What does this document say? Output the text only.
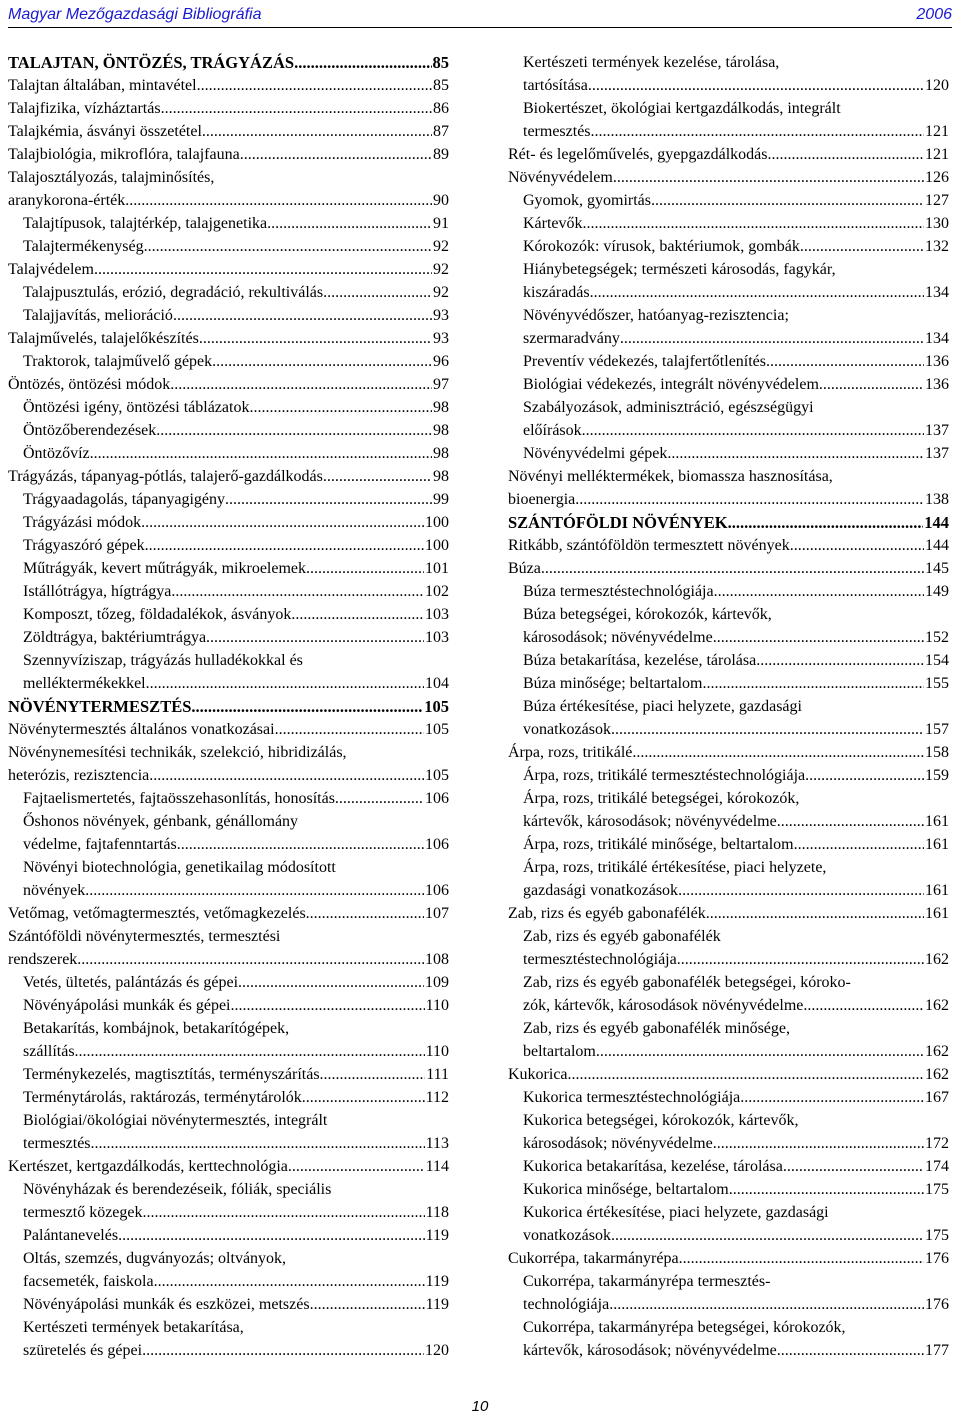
Magyar Mezőgazdasági Bibliográfia	2006
TALAJTAN, ÖNTÖZÉS, TRÁGYÁZÁS .....	85
Talajtan általában, mintavétel .....	85
Talajfizika, vízháztartás .....	86
Talajkémia, ásványi összetétel .....	87
Talajbiológia, mikroflóra, talajfauna .....	89
Talajosztályozás, talajminősítés,
aranykorona-érték .....	90
Talajtípusok, talajtérkép, talajgenetika .....	91
Talajtermékenység .....	92
Talajvédelem .....	92
Talajpusztulás, erózió, degradáció, rekultiválás .....	92
Talajjavítás, melioráció .....	93
Talajművelés, talajelőkészítés .....	93
Traktorok, talajművelő gépek .....	96
Öntözés, öntözési módok .....	97
Öntözési igény, öntözési táblázatok .....	98
Öntözőberendezések .....	98
Öntözővíz .....	98
Trágyázás, tápanyag-pótlás, talajerő-gazdálkodás .....	98
Trágyaadagolás, tápanyagigény .....	99
Trágyázási módok .....	100
Trágyaszóró gépek .....	100
Műtrágyák, kevert műtrágyák, mikroelemek .....	101
Istállótrágya, hígtrágya .....	102
Komposzt, tőzeg, földadalékok, ásványok .....	103
Zöldtrágya, baktériumtrágya .....	103
Szennyvíziszap, trágyázás hulladékokkal és
melléktermékekkel .....	104
NÖVÉNYTERMESZTÉS .....	105
Növénytermesztés általános vonatkozásai .....	105
Növénynemesítési technikák, szelekció, hibridizálás,
heterózis, rezisztencia .....	105
Fajtaelismertetés, fajtaösszehasonlítás, honosítás .....	106
Őshonos növények, génbank, génállomány
védelme, fajtafenntartás .....	106
Növényi biotechnológia, genetikailag módosított
növények .....	106
Vetőmag, vetőmagtermesztés, vetőmagkezelés .....	107
Szántóföldi növénytermesztés, termesztési
rendszerek .....	108
Vetés, ültetés, palántázás és gépei .....	109
Növényápolási munkák és gépei .....	110
Betakarítás, kombájnok, betakarítógépek,
szállítás .....	110
Terménykezelés, magtisztítás, terményszárítás .....	111
Terménytárolás, raktározás, terménytárolók .....	112
Biológiai/ökológiai növénytermesztés, integrált
termesztés .....	113
Kertészet, kertgazdálkodás, kerttechnológia .....	114
Növényházak és berendezéseik, fóliák, speciális
termesztő közegek .....	118
Palántanevelés .....	119
Oltás, szemzés, dugványozás; oltványok,
facsemeték, faiskola .....	119
Növényápolási munkák és eszközei, metszés .....	119
Kertészeti termények betakarítása,
szüretelés és gépei .....	120
Kertészeti termények kezelése, tárolása,
tartósítása .....	120
Biokertészet, ökológiai kertgazdálkodás, integrált
termesztés .....	121
Rét- és legelőművelés, gyepgazdálkodás .....	121
Növényvédelem .....	126
Gyomok, gyomirtás .....	127
Kártevők .....	130
Kórokozók: vírusok, baktériumok, gombák .....	132
Hiánybetegségek; természeti károsodás, fagykár,
kiszáradás .....	134
Növényvédőszer, hatóanyag-rezisztencia;
szermaradvány .....	134
Preventív védekezés, talajfertőtlenítés .....	136
Biológiai védekezés, integrált növényvédelem .....	136
Szabályozások, adminisztráció, egészségügyi
előírások .....	137
Növényvédelmi gépek .....	137
Növényi melléktermékek, biomassza hasznosítása,
bioenergia .....	138
SZÁNTÓFÖLDI NÖVÉNYEK .....	144
Ritkább, szántóföldön termesztett növények .....	144
Búza .....	145
Búza termesztéstechnológiája .....	149
Búza betegségei, kórokozók, kártevők,
károsodások; növényvédelme .....	152
Búza betakarítása, kezelése, tárolása .....	154
Búza minősége; beltartalom .....	155
Búza értékesítése, piaci helyzete, gazdasági
vonatkozások .....	157
Árpa, rozs, tritikálé .....	158
Árpa, rozs, tritikálé termesztéstechnológiája .....	159
Árpa, rozs, tritikálé betegségei, kórokozók,
kártevők, károsodások; növényvédelme .....	161
Árpa, rozs, tritikálé minősége, beltartalom .....	161
Árpa, rozs, tritikálé értékesítése, piaci helyzete,
gazdasági vonatkozások .....	161
Zab, rizs és egyéb gabonafélék .....	161
Zab, rizs és egyéb gabonafélék
termesztéstechnológiája .....	162
Zab, rizs és egyéb gabonafélék betegségei, kóroko-
zók, kártevők, károsodások növényvédelme .....	162
Zab, rizs és egyéb gabonafélék minősége,
beltartalom .....	162
Kukorica .....	162
Kukorica termesztéstechnológiája .....	167
Kukorica betegségei, kórokozók, kártevők,
károsodások; növényvédelme .....	172
Kukorica betakarítása, kezelése, tárolása .....	174
Kukorica minősége, beltartalom .....	175
Kukorica értékesítése, piaci helyzete, gazdasági
vonatkozások .....	175
Cukorrépa, takarmányrépa .....	176
Cukorrépa, takarmányrépa termesztés-
technológiája .....	176
Cukorrépa, takarmányrépa betegségei, kórokozók,
kártevők, károsodások; növényvédelme .....	177
10
